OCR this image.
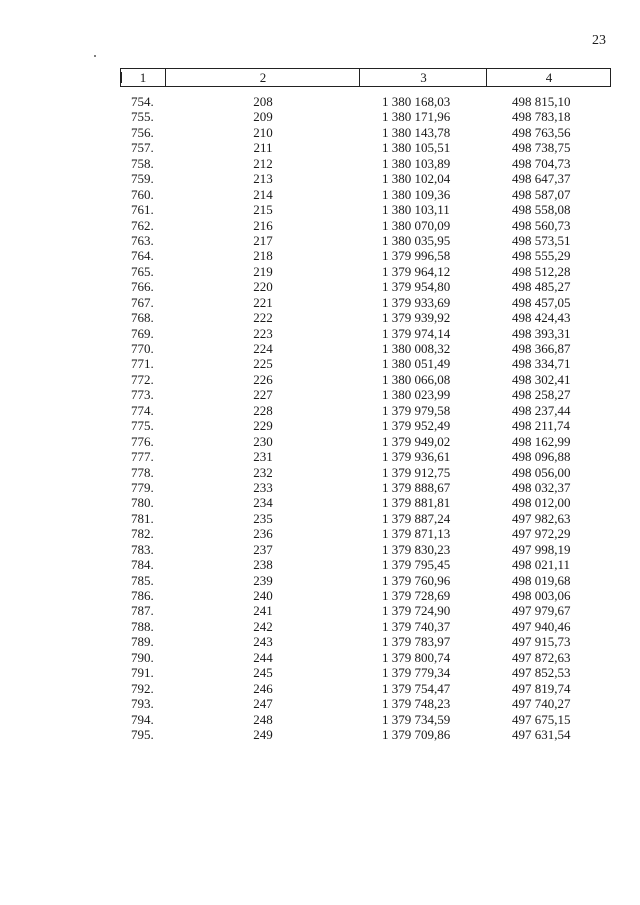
23
1	2	3	4
754.	208	1 380 168,03	498 815,10
755.	209	1 380 171,96	498 783,18
756.	210	1 380 143,78	498 763,56
757.	211	1 380 105,51	498 738,75
758.	212	1 380 103,89	498 704,73
759.	213	1 380 102,04	498 647,37
760.	214	1 380 109,36	498 587,07
761.	215	1 380 103,11	498 558,08
762.	216	1 380 070,09	498 560,73
763.	217	1 380 035,95	498 573,51
764.	218	1 379 996,58	498 555,29
765.	219	1 379 964,12	498 512,28
766.	220	1 379 954,80	498 485,27
767.	221	1 379 933,69	498 457,05
768.	222	1 379 939,92	498 424,43
769.	223	1 379 974,14	498 393,31
770.	224	1 380 008,32	498 366,87
771.	225	1 380 051,49	498 334,71
772.	226	1 380 066,08	498 302,41
773.	227	1 380 023,99	498 258,27
774.	228	1 379 979,58	498 237,44
775.	229	1 379 952,49	498 211,74
776.	230	1 379 949,02	498 162,99
777.	231	1 379 936,61	498 096,88
778.	232	1 379 912,75	498 056,00
779.	233	1 379 888,67	498 032,37
780.	234	1 379 881,81	498 012,00
781.	235	1 379 887,24	497 982,63
782.	236	1 379 871,13	497 972,29
783.	237	1 379 830,23	497 998,19
784.	238	1 379 795,45	498 021,11
785.	239	1 379 760,96	498 019,68
786.	240	1 379 728,69	498 003,06
787.	241	1 379 724,90	497 979,67
788.	242	1 379 740,37	497 940,46
789.	243	1 379 783,97	497 915,73
790.	244	1 379 800,74	497 872,63
791.	245	1 379 779,34	497 852,53
792.	246	1 379 754,47	497 819,74
793.	247	1 379 748,23	497 740,27
794.	248	1 379 734,59	497 675,15
795.	249	1 379 709,86	497 631,54
